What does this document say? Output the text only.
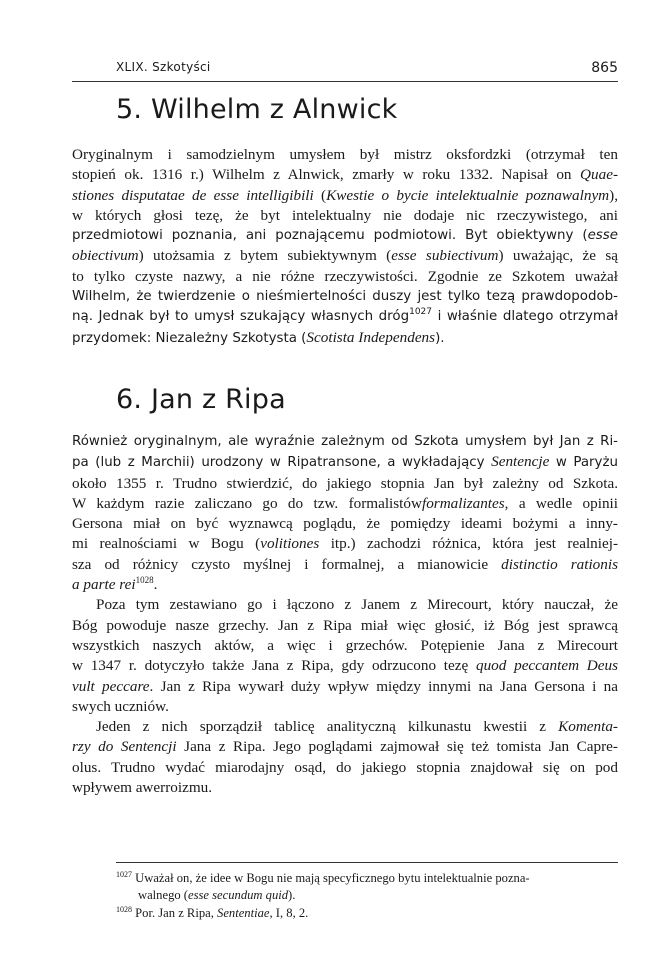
XLIX. Szkotyści	865
5. Wilhelm z Alnwick
Oryginalnym i samodzielnym umysłem był mistrz oksfordzki (otrzymał ten
stopień ok. 1316 r.) Wilhelm z Alnwick, zmarły w roku 1332. Napisał on Quae-
stiones disputatae de esse intelligibili (Kwestie o bycie intelektualnie poznawalnym),
w których głosi tezę, że byt intelektualny nie dodaje nic rzeczywistego, ani
przedmiotowi poznania, ani poznającemu podmiotowi. Byt obiektywny (esse
obiectivum) utożsamia z bytem subiektywnym (esse subiectivum) uważając, że są
to tylko czyste nazwy, a nie różne rzeczywistości. Zgodnie ze Szkotem uważał
Wilhelm, że twierdzenie o nieśmiertelności duszy jest tylko tezą prawdopodob-
ną. Jednak był to umysł szukający własnych dróg$^{1027}$ i właśnie dlatego otrzymał
przydomek: Niezależny Szkotysta (Scotista Independens).
6. Jan z Ripa
Również oryginalnym, ale wyraźnie zależnym od Szkota umysłem był Jan z Ri-
pa (lub z Marchii) urodzony w Ripatransone, a wykładający Sentencje w Paryżu
około 1355 r. Trudno stwierdzić, do jakiego stopnia Jan był zależny od Szkota.
W każdym razie zaliczano go do tzw. formalistówformalizantes, a wedle opinii
Gersona miał on być wyznawcą poglądu, że pomiędzy ideami bożymi a inny-
mi realnościami w Bogu (volitiones itp.) zachodzi różnica, która jest realniej-
sza od różnicy czysto myślnej i formalnej, a mianowicie distinctio rationis
a parte rei$^{1028}$.
Poza tym zestawiano go i łączono z Janem z Mirecourt, który nauczał, że
Bóg powoduje nasze grzechy. Jan z Ripa miał więc głosić, iż Bóg jest sprawcą
wszystkich naszych aktów, a więc i grzechów. Potępienie Jana z Mirecourt
w 1347 r. dotyczyło także Jana z Ripa, gdy odrzucono tezę quod peccantem Deus
vult peccare. Jan z Ripa wywarł duży wpływ między innymi na Jana Gersona i na
swych uczniów.
Jeden z nich sporządził tablicę analityczną kilkunastu kwestii z Komenta-
rzy do Sentencji Jana z Ripa. Jego poglądami zajmował się też tomista Jan Capre-
olus. Trudno wydać miarodajny osąd, do jakiego stopnia znajdował się on pod
wpływem awerroizmu.
$^{1027}$ Uważał on, że idee w Bogu nie mają specyficznego bytu intelektualnie pozna-
walnego (esse secundum quid).
$^{1028}$ Por. Jan z Ripa, Sententiae, I, 8, 2.
